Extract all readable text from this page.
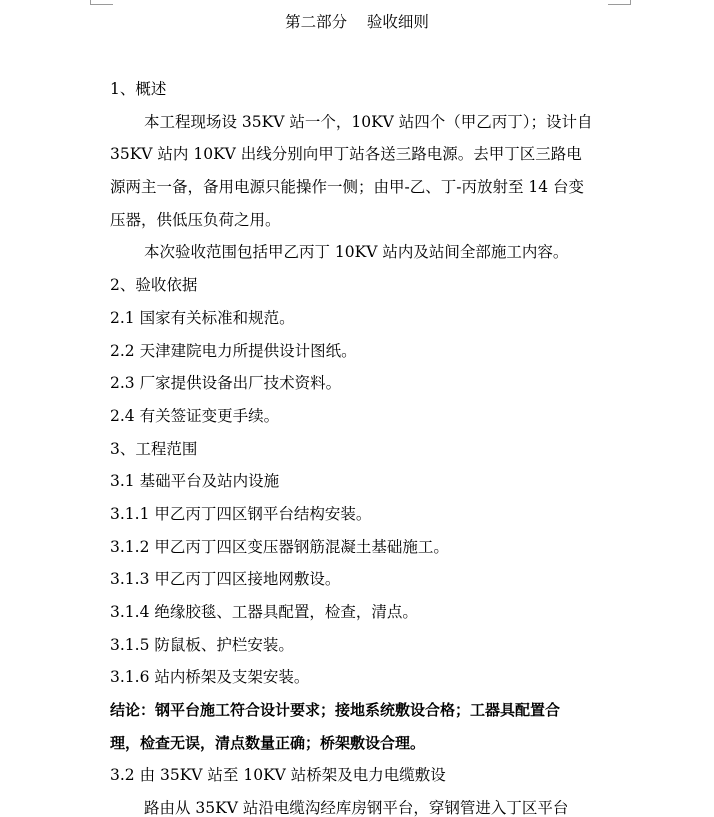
第二部分    验收细则
1、概述
本工程现场设 35KV 站一个，10KV 站四个（甲乙丙丁）；设计自
35KV 站内 10KV 出线分别向甲丁站各送三路电源。去甲丁区三路电
源两主一备，备用电源只能操作一侧；由甲-乙、丁-丙放射至 14 台变
压器，供低压负荷之用。
本次验收范围包括甲乙丙丁 10KV 站内及站间全部施工内容。
2、验收依据
2.1 国家有关标准和规范。
2.2 天津建院电力所提供设计图纸。
2.3 厂家提供设备出厂技术资料。
2.4 有关签证变更手续。
3、工程范围
3.1 基础平台及站内设施
3.1.1 甲乙丙丁四区钢平台结构安装。
3.1.2 甲乙丙丁四区变压器钢筋混凝土基础施工。
3.1.3 甲乙丙丁四区接地网敷设。
3.1.4 绝缘胶毯、工器具配置，检查，清点。
3.1.5 防鼠板、护栏安装。
3.1.6 站内桥架及支架安装。
结论：钢平台施工符合设计要求；接地系统敷设合格；工器具配置合
理，检查无误，清点数量正确；桥架敷设合理。
3.2 由 35KV 站至 10KV 站桥架及电力电缆敷设
路由从 35KV 站沿电缆沟经库房钢平台，穿钢管进入丁区平台
